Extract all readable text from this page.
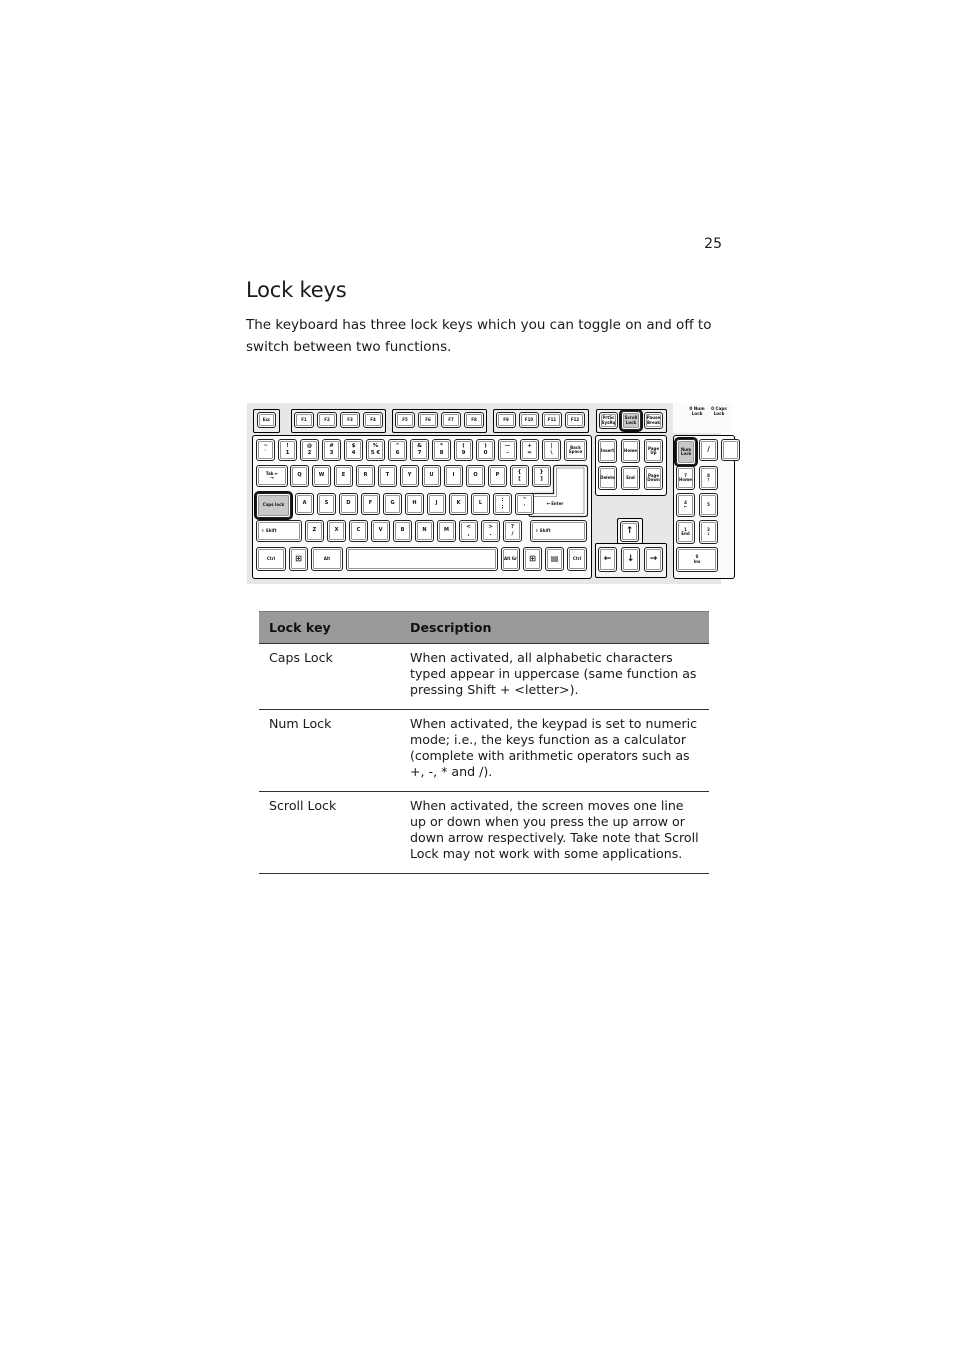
25
Lock keys

The keyboard has three lock keys which you can toggle on and off to switch between two functions.

0 Num Lock
0 Caps Lock
Esc	F1	F2	F3	F4	F5	F6	F7	F8	F9	F10	F11	F12	PrtSc
SysRq
Scroll
Lock
Pause
Break
~
`
!
1
@
2
#
3
$
4
%
5 €
^
6
&
7
*
8
(
9
)
0
—
–
+
=
|
\
Back
Space
Tab ⇤
⇥	Q	W	E	R	T	Y	U	I	O	P
{
[
}
]
⮠ Enter
Caps lock	A	S	D	F	G	H	J	K	L
:
;
"
'
⇧ Shift	Z	X	C	V	B	N	M
<
,
>
.
?
/
⇧ Shift
Ctrl	⊞	Alt	Alt Gr	⊞	▤	Ctrl
Insert	Home	Page
Up
Delete	End	Page
Down
↑
←	↓	→
Num
Lock
/
7
Home
8
↑
4
←	5
1
End
2
↓
0
Ins
Lock key	Description
Caps Lock	When activated, all alphabetic characters typed appear in uppercase (same function as pressing Shift + <letter>).
Num Lock	When activated, the keypad is set to numeric mode; i.e., the keys function as a calculator (complete with arithmetic operators such as +, -, * and /).
Scroll Lock	When activated, the screen moves one line up or down when you press the up arrow or down arrow respectively. Take note that Scroll Lock may not work with some applications.
